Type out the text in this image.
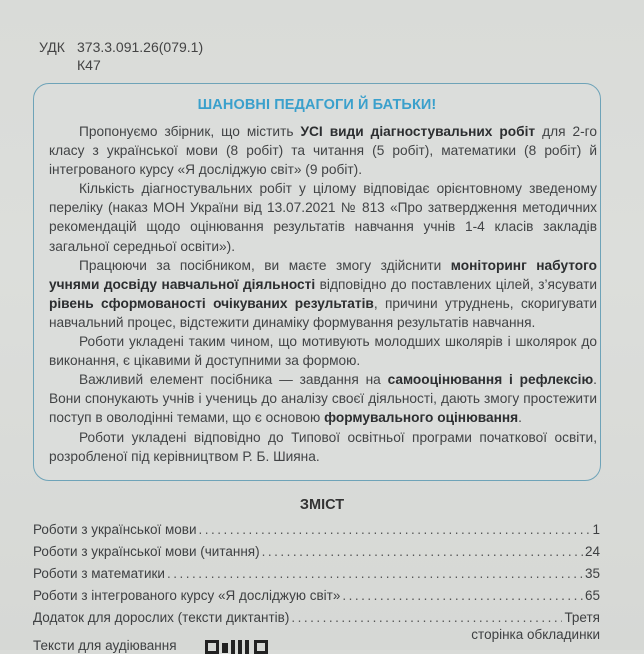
УДК 373.3.091.26(079.1)
К47
ШАНОВНІ ПЕДАГОГИ Й БАТЬКИ!

Пропонуємо збірник, що містить УСІ види діагностувальних робіт для 2-го класу з української мови (8 робіт) та читання (5 робіт), математики (8 робіт) й інтегрованого курсу «Я досліджую світ» (9 робіт).

Кількість діагностувальних робіт у цілому відповідає орієнтовному зведеному переліку (наказ МОН України від 13.07.2021 № 813 «Про затвердження методичних рекомендацій щодо оцінювання результатів навчання учнів 1-4 класів закладів загальної середньої освіти»).

Працюючи за посібником, ви маєте змогу здійснити моніторинг набутого учнями досвіду навчальної діяльності відповідно до поставлених цілей, з’ясувати рівень сформованості очікуваних результатів, причини утруднень, скоригувати навчальний процес, відстежити динаміку формування результатів навчання.

Роботи укладені таким чином, що мотивують молодших школярів і школярок до виконання, є цікавими й доступними за формою.

Важливий елемент посібника — завдання на самооцінювання і рефлексію. Вони спонукають учнів і учениць до аналізу своєї діяльності, дають змогу простежити поступ в оволодінні темами, що є основою формувального оцінювання.

Роботи укладені відповідно до Типової освітньої програми початкової освіти, розробленої під керівництвом Р. Б. Шияна.

ЗМІСТ
Роботи з української мови .....	1
Роботи з української мови (читання) .....	24
Роботи з математики .....	35
Роботи з інтегрованого курсу «Я досліджую світ» .....	65
Додаток для дорослих (тексти диктантів) .....	Третя
сторінка обкладинки
Тексти для аудіювання
